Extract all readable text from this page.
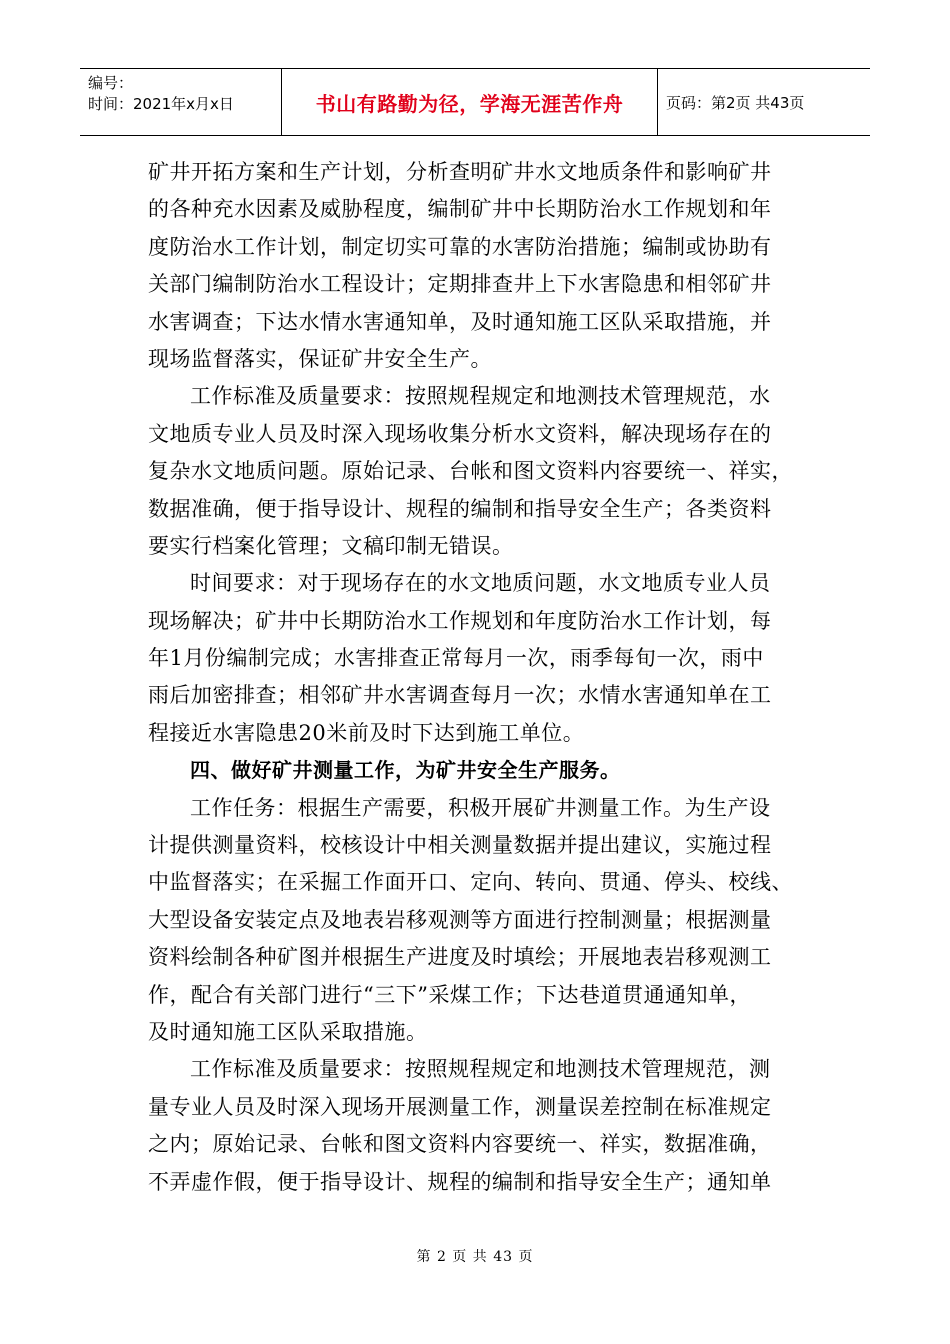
编号：
时间：2021年x月x日	书山有路勤为径，学海无涯苦作舟	页码：第2页 共43页
矿井开拓方案和生产计划，分析查明矿井水文地质条件和影响矿井
的各种充水因素及威胁程度，编制矿井中长期防治水工作规划和年
度防治水工作计划，制定切实可靠的水害防治措施；编制或协助有
关部门编制防治水工程设计；定期排查井上下水害隐患和相邻矿井
水害调查；下达水情水害通知单，及时通知施工区队采取措施，并
现场监督落实，保证矿井安全生产。
工作标准及质量要求：按照规程规定和地测技术管理规范，水
文地质专业人员及时深入现场收集分析水文资料，解决现场存在的
复杂水文地质问题。原始记录、台帐和图文资料内容要统一、祥实，
数据准确，便于指导设计、规程的编制和指导安全生产；各类资料
要实行档案化管理；文稿印制无错误。
时间要求：对于现场存在的水文地质问题，水文地质专业人员
现场解决；矿井中长期防治水工作规划和年度防治水工作计划，每
年1月份编制完成；水害排查正常每月一次，雨季每旬一次，雨中
雨后加密排查；相邻矿井水害调查每月一次；水情水害通知单在工
程接近水害隐患20米前及时下达到施工单位。
四、做好矿井测量工作，为矿井安全生产服务。
工作任务：根据生产需要，积极开展矿井测量工作。为生产设
计提供测量资料，校核设计中相关测量数据并提出建议，实施过程
中监督落实；在采掘工作面开口、定向、转向、贯通、停头、校线、
大型设备安装定点及地表岩移观测等方面进行控制测量；根据测量
资料绘制各种矿图并根据生产进度及时填绘；开展地表岩移观测工
作，配合有关部门进行“三下”采煤工作；下达巷道贯通通知单，
及时通知施工区队采取措施。
工作标准及质量要求：按照规程规定和地测技术管理规范，测
量专业人员及时深入现场开展测量工作，测量误差控制在标准规定
之内；原始记录、台帐和图文资料内容要统一、祥实，数据准确，
不弄虚作假，便于指导设计、规程的编制和指导安全生产；通知单
第 2 页 共 43 页
